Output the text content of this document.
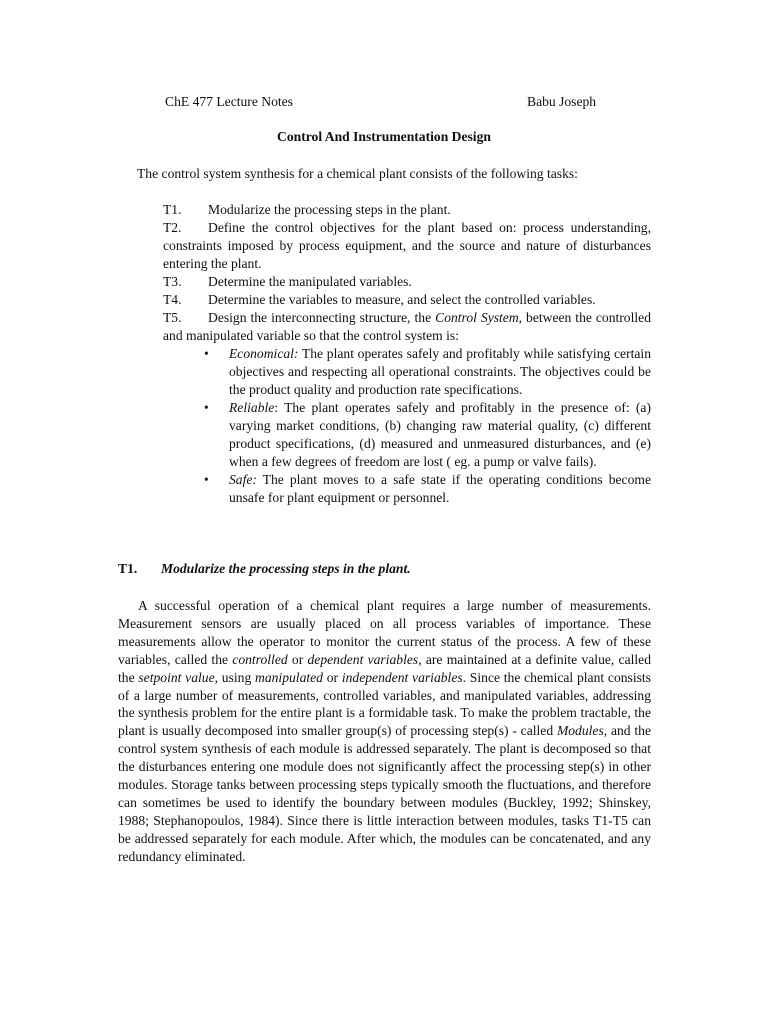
ChE 477 Lecture Notes	Babu Joseph
Control And Instrumentation Design
The control system synthesis for a chemical plant consists of the following tasks:

T1. Modularize the processing steps in the plant.

T2. Define the control objectives for the plant based on: process understanding, constraints imposed by process equipment, and the source and nature of disturbances entering the plant.

T3. Determine the manipulated variables.

T4. Determine the variables to measure, and select the controlled variables.

T5. Design the interconnecting structure, the Control System, between the controlled and manipulated variable so that the control system is:

• Economical: The plant operates safely and profitably while satisfying certain objectives and respecting all operational constraints. The objectives could be the product quality and production rate specifications.
• Reliable: The plant operates safely and profitably in the presence of: (a) varying market conditions, (b) changing raw material quality, (c) different product specifications, (d) measured and unmeasured disturbances, and (e) when a few degrees of freedom are lost ( eg. a pump or valve fails).
• Safe: The plant moves to a safe state if the operating conditions become unsafe for plant equipment or personnel.
T1. Modularize the processing steps in the plant.

A successful operation of a chemical plant requires a large number of measurements. Measurement sensors are usually placed on all process variables of importance. These measurements allow the operator to monitor the current status of the process. A few of these variables, called the controlled or dependent variables, are maintained at a definite value, called the setpoint value, using manipulated or independent variables. Since the chemical plant consists of a large number of measurements, controlled variables, and manipulated variables, addressing the synthesis problem for the entire plant is a formidable task. To make the problem tractable, the plant is usually decomposed into smaller group(s) of processing step(s) - called Modules, and the control system synthesis of each module is addressed separately. The plant is decomposed so that the disturbances entering one module does not significantly affect the processing step(s) in other modules. Storage tanks between processing steps typically smooth the fluctuations, and therefore can sometimes be used to identify the boundary between modules (Buckley, 1992; Shinskey, 1988; Stephanopoulos, 1984). Since there is little interaction between modules, tasks T1-T5 can be addressed separately for each module. After which, the modules can be concatenated, and any redundancy eliminated.
